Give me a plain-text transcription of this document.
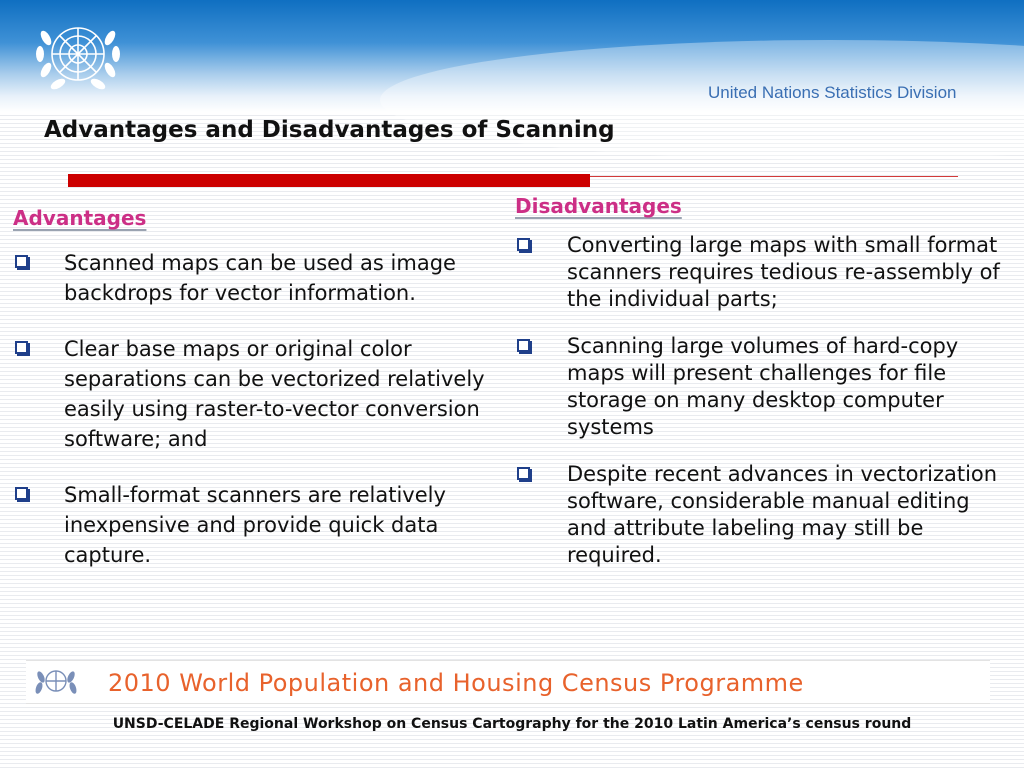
United Nations Statistics Division
Advantages and Disadvantages of Scanning
Advantages
Scanned maps can be used as image backdrops for vector information.
Clear base maps or original color separations can be vectorized relatively easily using raster-to-vector conversion software; and
Small-format scanners are relatively inexpensive and provide quick data capture.
Disadvantages
Converting large maps with small format scanners requires tedious re-assembly of the individual parts;
Scanning large volumes of hard-copy maps will present challenges for file storage on many desktop computer systems
Despite recent advances in vectorization software, considerable manual editing and attribute labeling may still be required.
2010 World Population and Housing Census Programme
UNSD-CELADE Regional Workshop on Census Cartography for the 2010 Latin America’s census round
